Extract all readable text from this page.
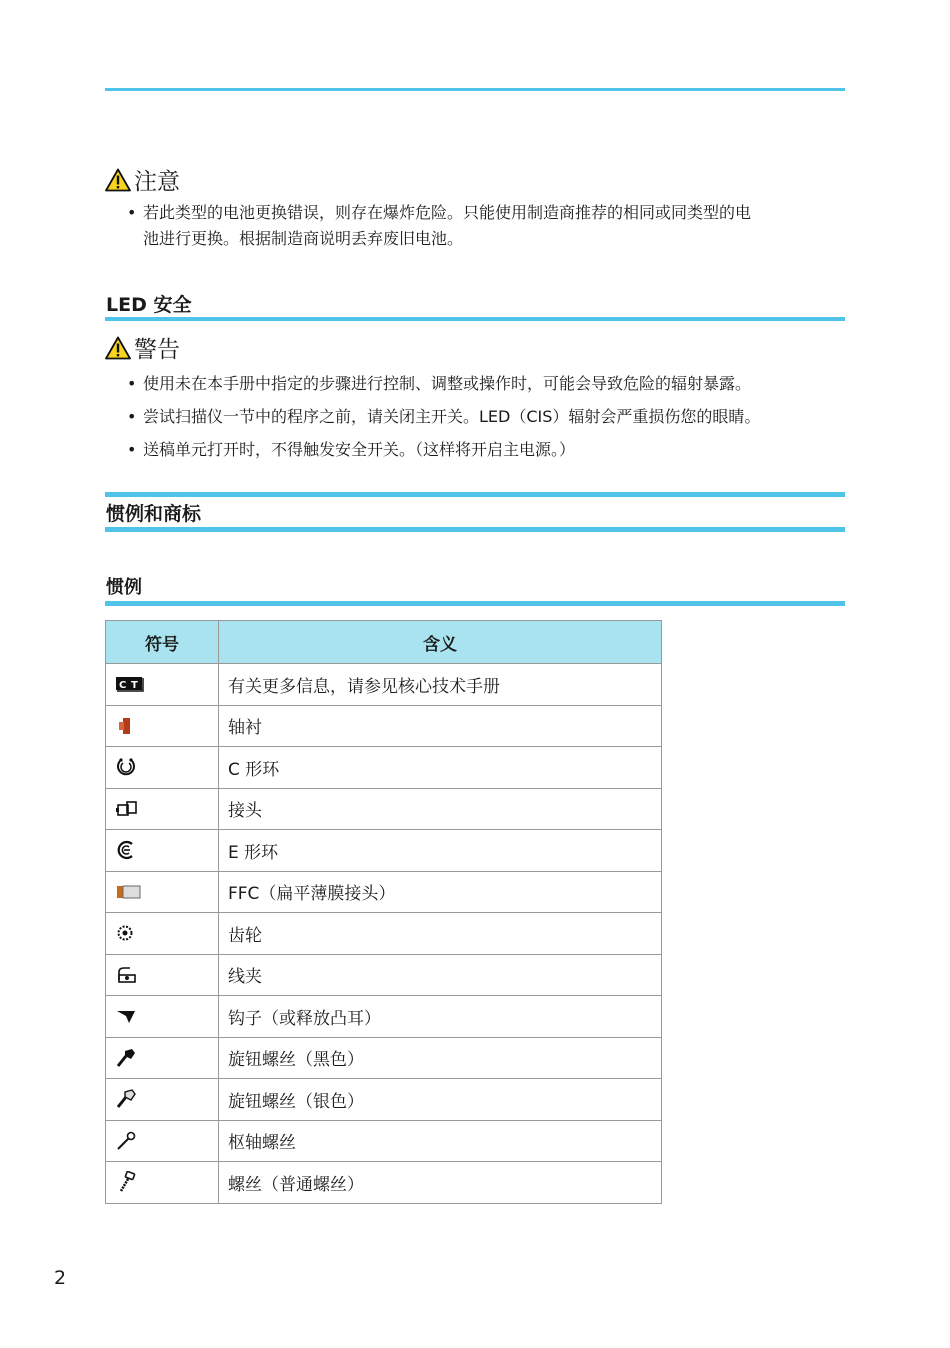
注意
• 若此类型的电池更换错误，则存在爆炸危险。只能使用制造商推荐的相同或同类型的电
池进行更换。根据制造商说明丢弃废旧电池。
LED 安全
警告
• 使用未在本手册中指定的步骤进行控制、调整或操作时，可能会导致危险的辐射暴露。
• 尝试扫描仪一节中的程序之前，请关闭主开关。LED（CIS）辐射会严重损伤您的眼睛。
• 送稿单元打开时，不得触发安全开关。（这样将开启主电源。）
惯例和商标
惯例
符号	含义

C T	有关更多信息，请参见核心技术手册

	轴衬

	C 形环

	接头

	E 形环

	FFC（扁平薄膜接头）

	齿轮

	线夹

	钩子（或释放凸耳）

	旋钮螺丝（黑色）

	旋钮螺丝（银色）

	枢轴螺丝

	螺丝（普通螺丝）
2
